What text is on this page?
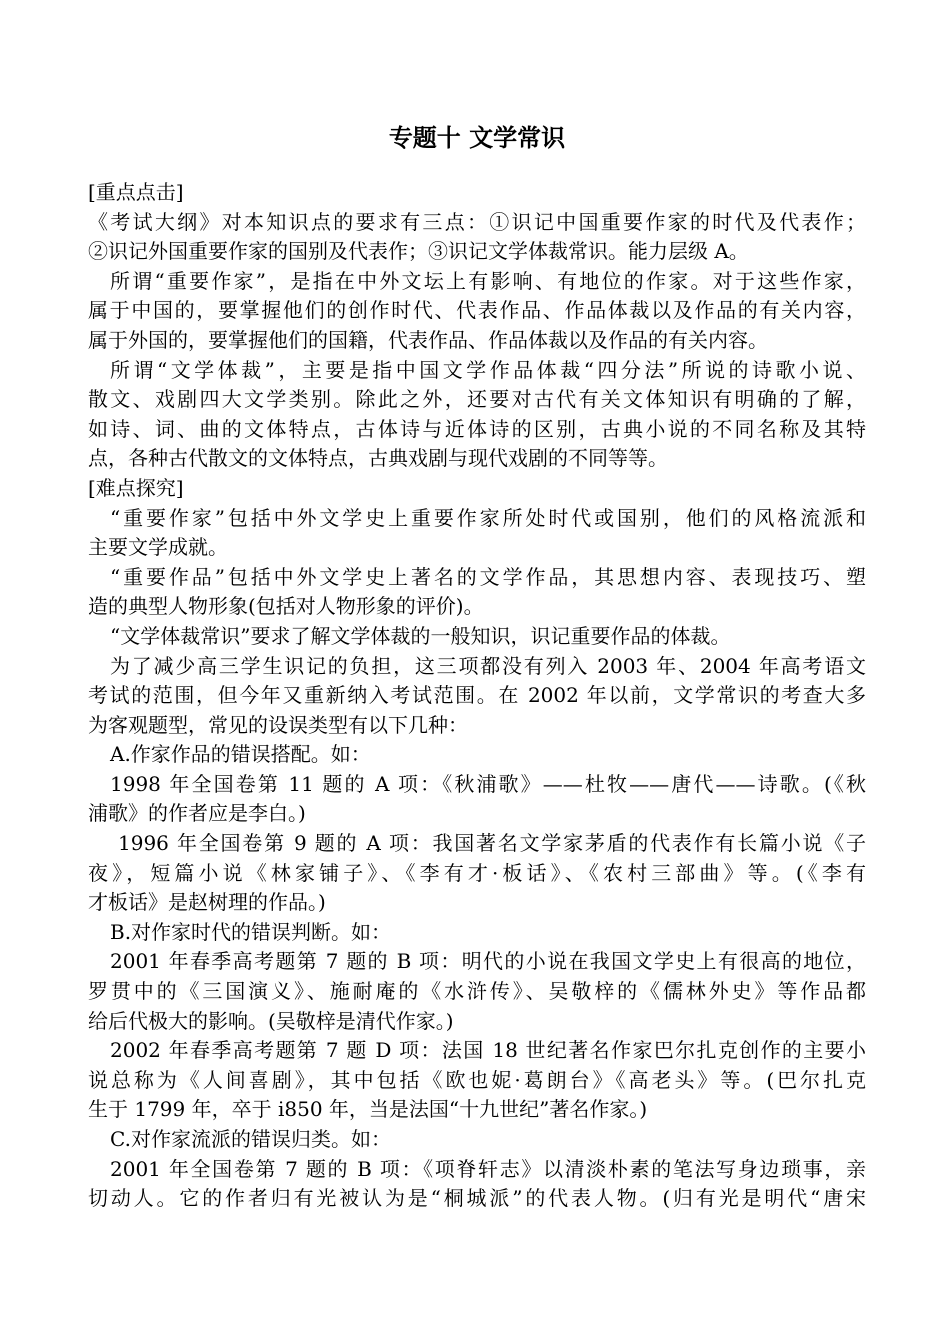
专题十 文学常识
[重点点击]
《考试大纲》对本知识点的要求有三点：①识记中国重要作家的时代及代表作；
②识记外国重要作家的国别及代表作；③识记文学体裁常识。能力层级 A。
所谓“重要作家”，是指在中外文坛上有影响、有地位的作家。对于这些作家，
属于中国的，要掌握他们的创作时代、代表作品、作品体裁以及作品的有关内容，
属于外国的，要掌握他们的国籍，代表作品、作品体裁以及作品的有关内容。
所谓“文学体裁”，主要是指中国文学作品体裁“四分法”所说的诗歌小说、
散文、戏剧四大文学类别。除此之外，还要对古代有关文体知识有明确的了解，
如诗、词、曲的文体特点，古体诗与近体诗的区别，古典小说的不同名称及其特
点，各种古代散文的文体特点，古典戏剧与现代戏剧的不同等等。
[难点探究]
“重要作家”包括中外文学史上重要作家所处时代或国别，他们的风格流派和
主要文学成就。
“重要作品”包括中外文学史上著名的文学作品，其思想内容、表现技巧、塑
造的典型人物形象(包括对人物形象的评价)。
“文学体裁常识”要求了解文学体裁的一般知识，识记重要作品的体裁。
为了减少高三学生识记的负担，这三项都没有列入 2003 年、2004 年高考语文
考试的范围，但今年又重新纳入考试范围。在 2002 年以前，文学常识的考查大多
为客观题型，常见的设误类型有以下几种：
A.作家作品的错误搭配。如：
1998 年全国卷第 11 题的 A 项：《秋浦歌》——杜牧——唐代——诗歌。(《秋
浦歌》的作者应是李白。)
1996 年全国卷第 9 题的 A 项：我国著名文学家茅盾的代表作有长篇小说《子
夜》，短篇小说《林家铺子》、《李有才·板话》、《农村三部曲》等。(《李有
才板话》是赵树理的作品。)
B.对作家时代的错误判断。如：
2001 年春季高考题第 7 题的 B 项：明代的小说在我国文学史上有很高的地位，
罗贯中的《三国演义》、施耐庵的《水浒传》、吴敬梓的《儒林外史》等作品都
给后代极大的影响。(吴敬梓是清代作家。)
2002 年春季高考题第 7 题 D 项：法国 18 世纪著名作家巴尔扎克创作的主要小
说总称为《人间喜剧》，其中包括《欧也妮·葛朗台》《高老头》等。(巴尔扎克
生于 1799 年，卒于 i850 年，当是法国“十九世纪”著名作家。)
C.对作家流派的错误归类。如：
2001 年全国卷第 7 题的 B 项：《项脊轩志》以清淡朴素的笔法写身边琐事，亲
切动人。它的作者归有光被认为是“桐城派”的代表人物。(归有光是明代“唐宋
